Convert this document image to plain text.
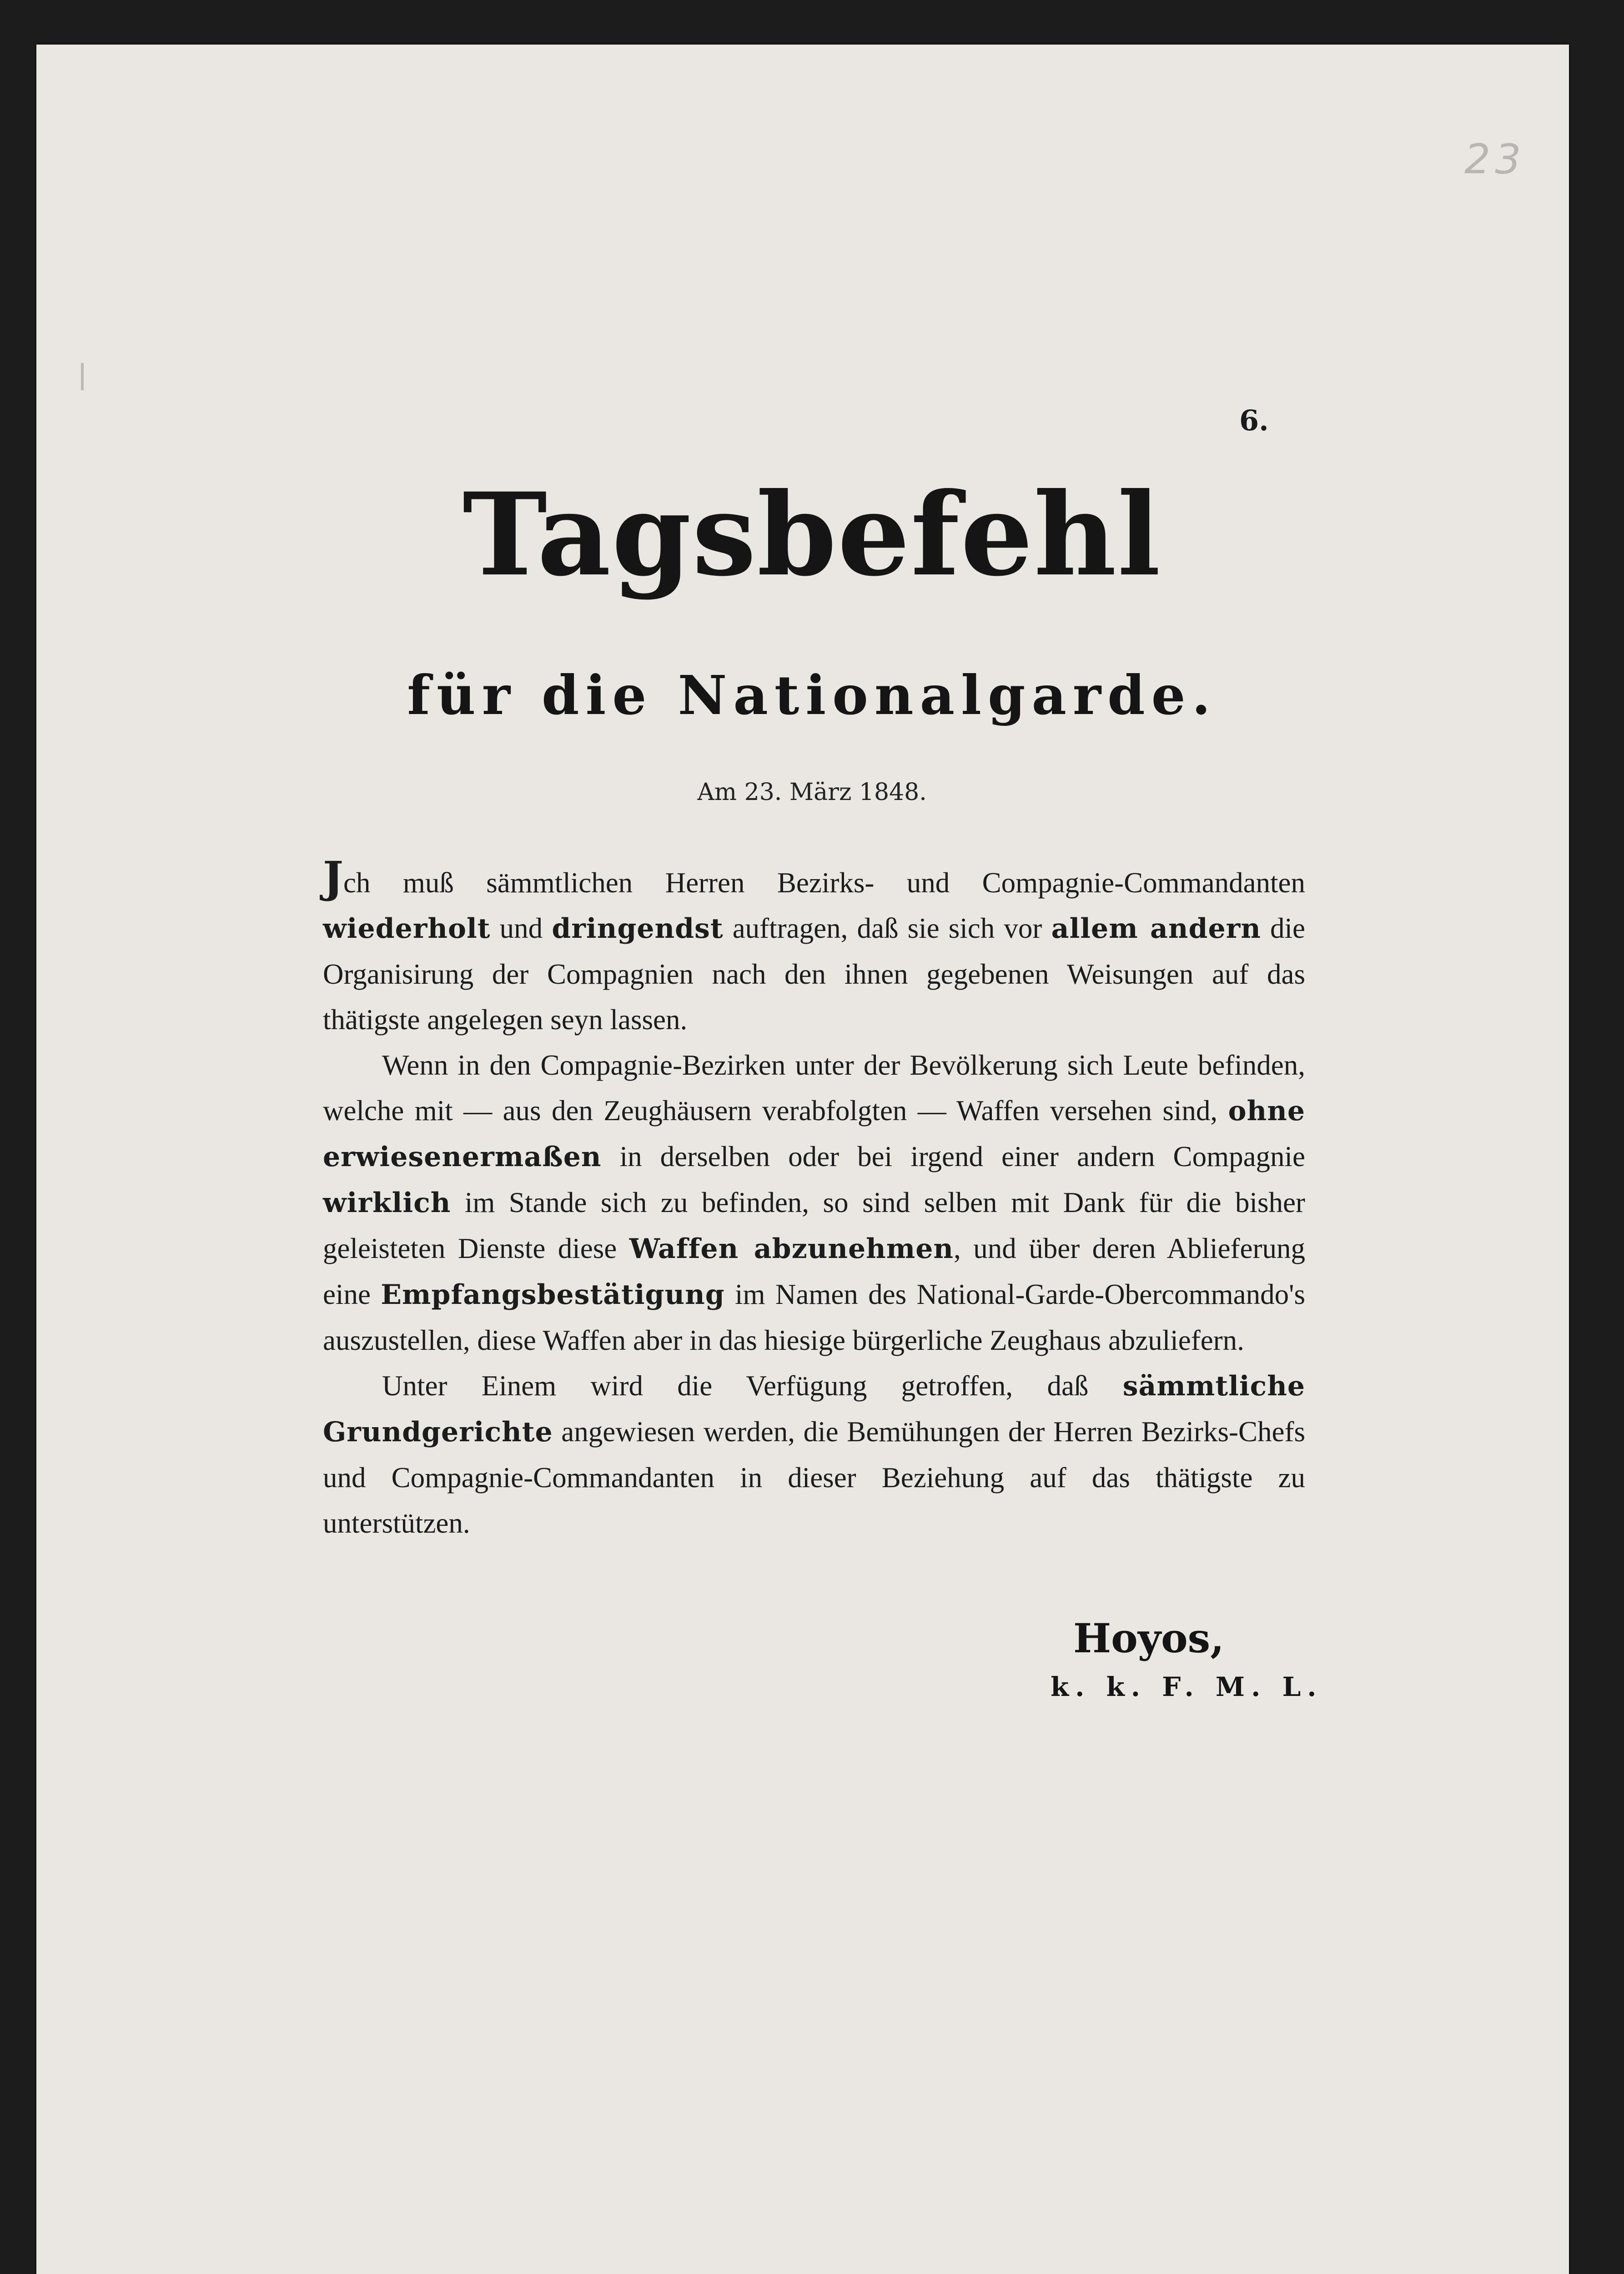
23
6.
Tagsbefehl
für die Nationalgarde.
Am 23. März 1848.

Jch muß sämmtlichen Herren Bezirks- und Compagnie-Commandanten wiederholt und dringendst auftragen, daß sie sich vor allem andern die Organisirung der Compagnien nach den ihnen gegebenen Weisungen auf das thätigste angelegen seyn lassen.

Wenn in den Compagnie-Bezirken unter der Bevölkerung sich Leute befinden, welche mit — aus den Zeughäusern verabfolgten — Waffen versehen sind, ohne erwiesenermaßen in derselben oder bei irgend einer andern Compagnie wirklich im Stande sich zu befinden, so sind selben mit Dank für die bisher geleisteten Dienste diese Waffen abzunehmen, und über deren Ablieferung eine Empfangsbestätigung im Namen des National-Garde-Obercommando's auszustellen, diese Waffen aber in das hiesige bürgerliche Zeughaus abzuliefern.

Unter Einem wird die Verfügung getroffen, daß sämmtliche Grundgerichte angewiesen werden, die Bemühungen der Herren Bezirks-Chefs und Compagnie-Commandanten in dieser Beziehung auf das thätigste zu unterstützen.

Hoyos,
k. k. F. M. L.
